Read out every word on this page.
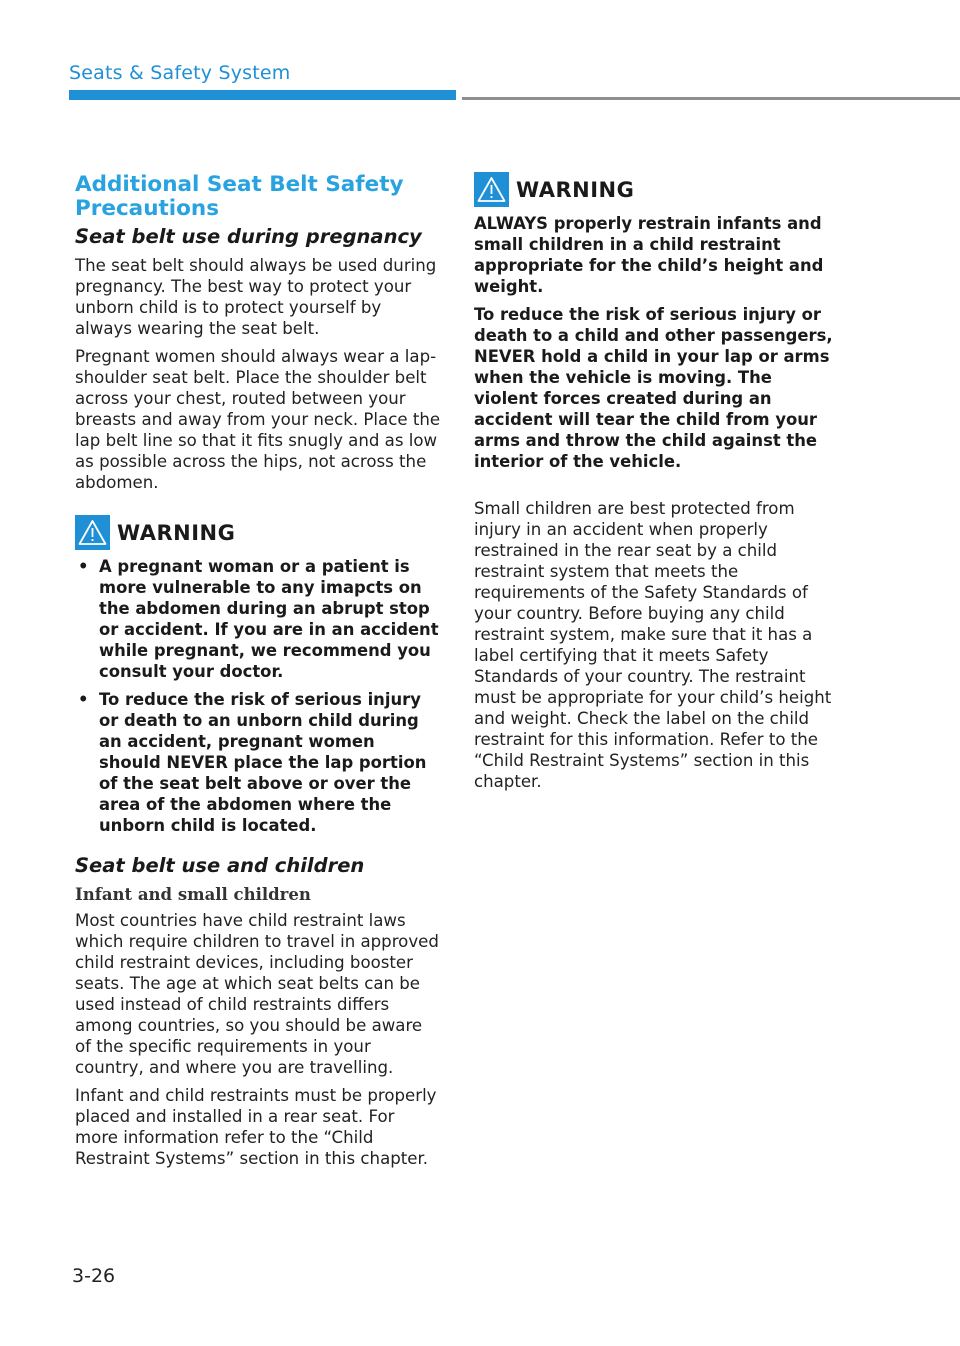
Seats & Safety System
Additional Seat Belt Safety Precautions
Seat belt use during pregnancy

The seat belt should always be used during pregnancy. The best way to protect your unborn child is to protect yourself by always wearing the seat belt.

Pregnant women should always wear a lap-shoulder seat belt. Place the shoulder belt across your chest, routed between your breasts and away from your neck. Place the lap belt line so that it fits snugly and as low as possible across the hips, not across the abdomen.

WARNING
• A pregnant woman or a patient is more vulnerable to any imapcts on the abdomen during an abrupt stop or accident. If you are in an accident while pregnant, we recommend you consult your doctor.
• To reduce the risk of serious injury or death to an unborn child during an accident, pregnant women should NEVER place the lap portion of the seat belt above or over the area of the abdomen where the unborn child is located.
Seat belt use and children
Infant and small children

Most countries have child restraint laws which require children to travel in approved child restraint devices, including booster seats. The age at which seat belts can be used instead of child restraints differs among countries, so you should be aware of the specific requirements in your country, and where you are travelling.

Infant and child restraints must be properly placed and installed in a rear seat. For more information refer to the “Child Restraint Systems” section in this chapter.

WARNING

ALWAYS properly restrain infants and small children in a child restraint appropriate for the child’s height and weight.

To reduce the risk of serious injury or death to a child and other passengers, NEVER hold a child in your lap or arms when the vehicle is moving. The violent forces created during an accident will tear the child from your arms and throw the child against the interior of the vehicle.

Small children are best protected from injury in an accident when properly restrained in the rear seat by a child restraint system that meets the requirements of the Safety Standards of your country. Before buying any child restraint system, make sure that it has a label certifying that it meets Safety Standards of your country. The restraint must be appropriate for your child’s height and weight. Check the label on the child restraint for this information. Refer to the “Child Restraint Systems” section in this chapter.

3-26
